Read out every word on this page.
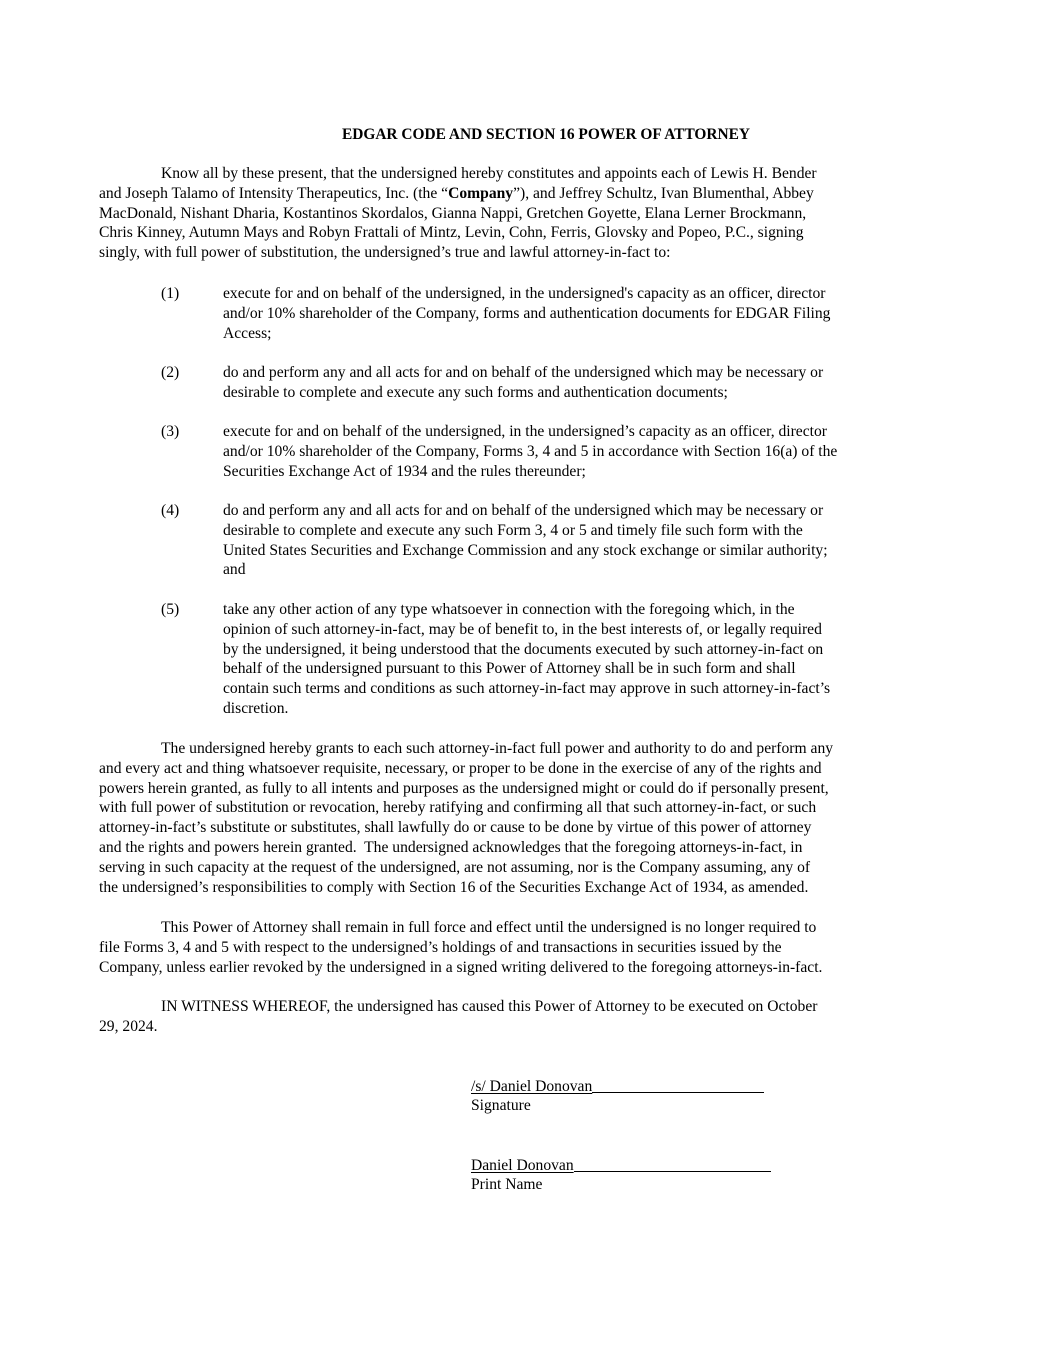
EDGAR CODE AND SECTION 16 POWER OF ATTORNEY
Know all by these present, that the undersigned hereby constitutes and appoints each of Lewis H. Bender
and Joseph Talamo of Intensity Therapeutics, Inc. (the “Company”), and Jeffrey Schultz, Ivan Blumenthal, Abbey
MacDonald, Nishant Dharia, Kostantinos Skordalos, Gianna Nappi, Gretchen Goyette, Elana Lerner Brockmann,
Chris Kinney, Autumn Mays and Robyn Frattali of Mintz, Levin, Cohn, Ferris, Glovsky and Popeo, P.C., signing
singly, with full power of substitution, the undersigned’s true and lawful attorney-in-fact to:
(1)	execute for and on behalf of the undersigned, in the undersigned's capacity as an officer, director
and/or 10% shareholder of the Company, forms and authentication documents for EDGAR Filing
Access;
(2)	do and perform any and all acts for and on behalf of the undersigned which may be necessary or
desirable to complete and execute any such forms and authentication documents;
(3)	execute for and on behalf of the undersigned, in the undersigned’s capacity as an officer, director
and/or 10% shareholder of the Company, Forms 3, 4 and 5 in accordance with Section 16(a) of the
Securities Exchange Act of 1934 and the rules thereunder;
(4)	do and perform any and all acts for and on behalf of the undersigned which may be necessary or
desirable to complete and execute any such Form 3, 4 or 5 and timely file such form with the
United States Securities and Exchange Commission and any stock exchange or similar authority;
and
(5)	take any other action of any type whatsoever in connection with the foregoing which, in the
opinion of such attorney-in-fact, may be of benefit to, in the best interests of, or legally required
by the undersigned, it being understood that the documents executed by such attorney-in-fact on
behalf of the undersigned pursuant to this Power of Attorney shall be in such form and shall
contain such terms and conditions as such attorney-in-fact may approve in such attorney-in-fact’s
discretion.
The undersigned hereby grants to each such attorney-in-fact full power and authority to do and perform any
and every act and thing whatsoever requisite, necessary, or proper to be done in the exercise of any of the rights and
powers herein granted, as fully to all intents and purposes as the undersigned might or could do if personally present,
with full power of substitution or revocation, hereby ratifying and confirming all that such attorney-in-fact, or such
attorney-in-fact’s substitute or substitutes, shall lawfully do or cause to be done by virtue of this power of attorney
and the rights and powers herein granted.  The undersigned acknowledges that the foregoing attorneys-in-fact, in
serving in such capacity at the request of the undersigned, are not assuming, nor is the Company assuming, any of
the undersigned’s responsibilities to comply with Section 16 of the Securities Exchange Act of 1934, as amended.
This Power of Attorney shall remain in full force and effect until the undersigned is no longer required to
file Forms 3, 4 and 5 with respect to the undersigned’s holdings of and transactions in securities issued by the
Company, unless earlier revoked by the undersigned in a signed writing delivered to the foregoing attorneys-in-fact.
IN WITNESS WHEREOF, the undersigned has caused this Power of Attorney to be executed on October
29, 2024.
/s/ Daniel Donovan
Signature
Daniel Donovan
Print Name
